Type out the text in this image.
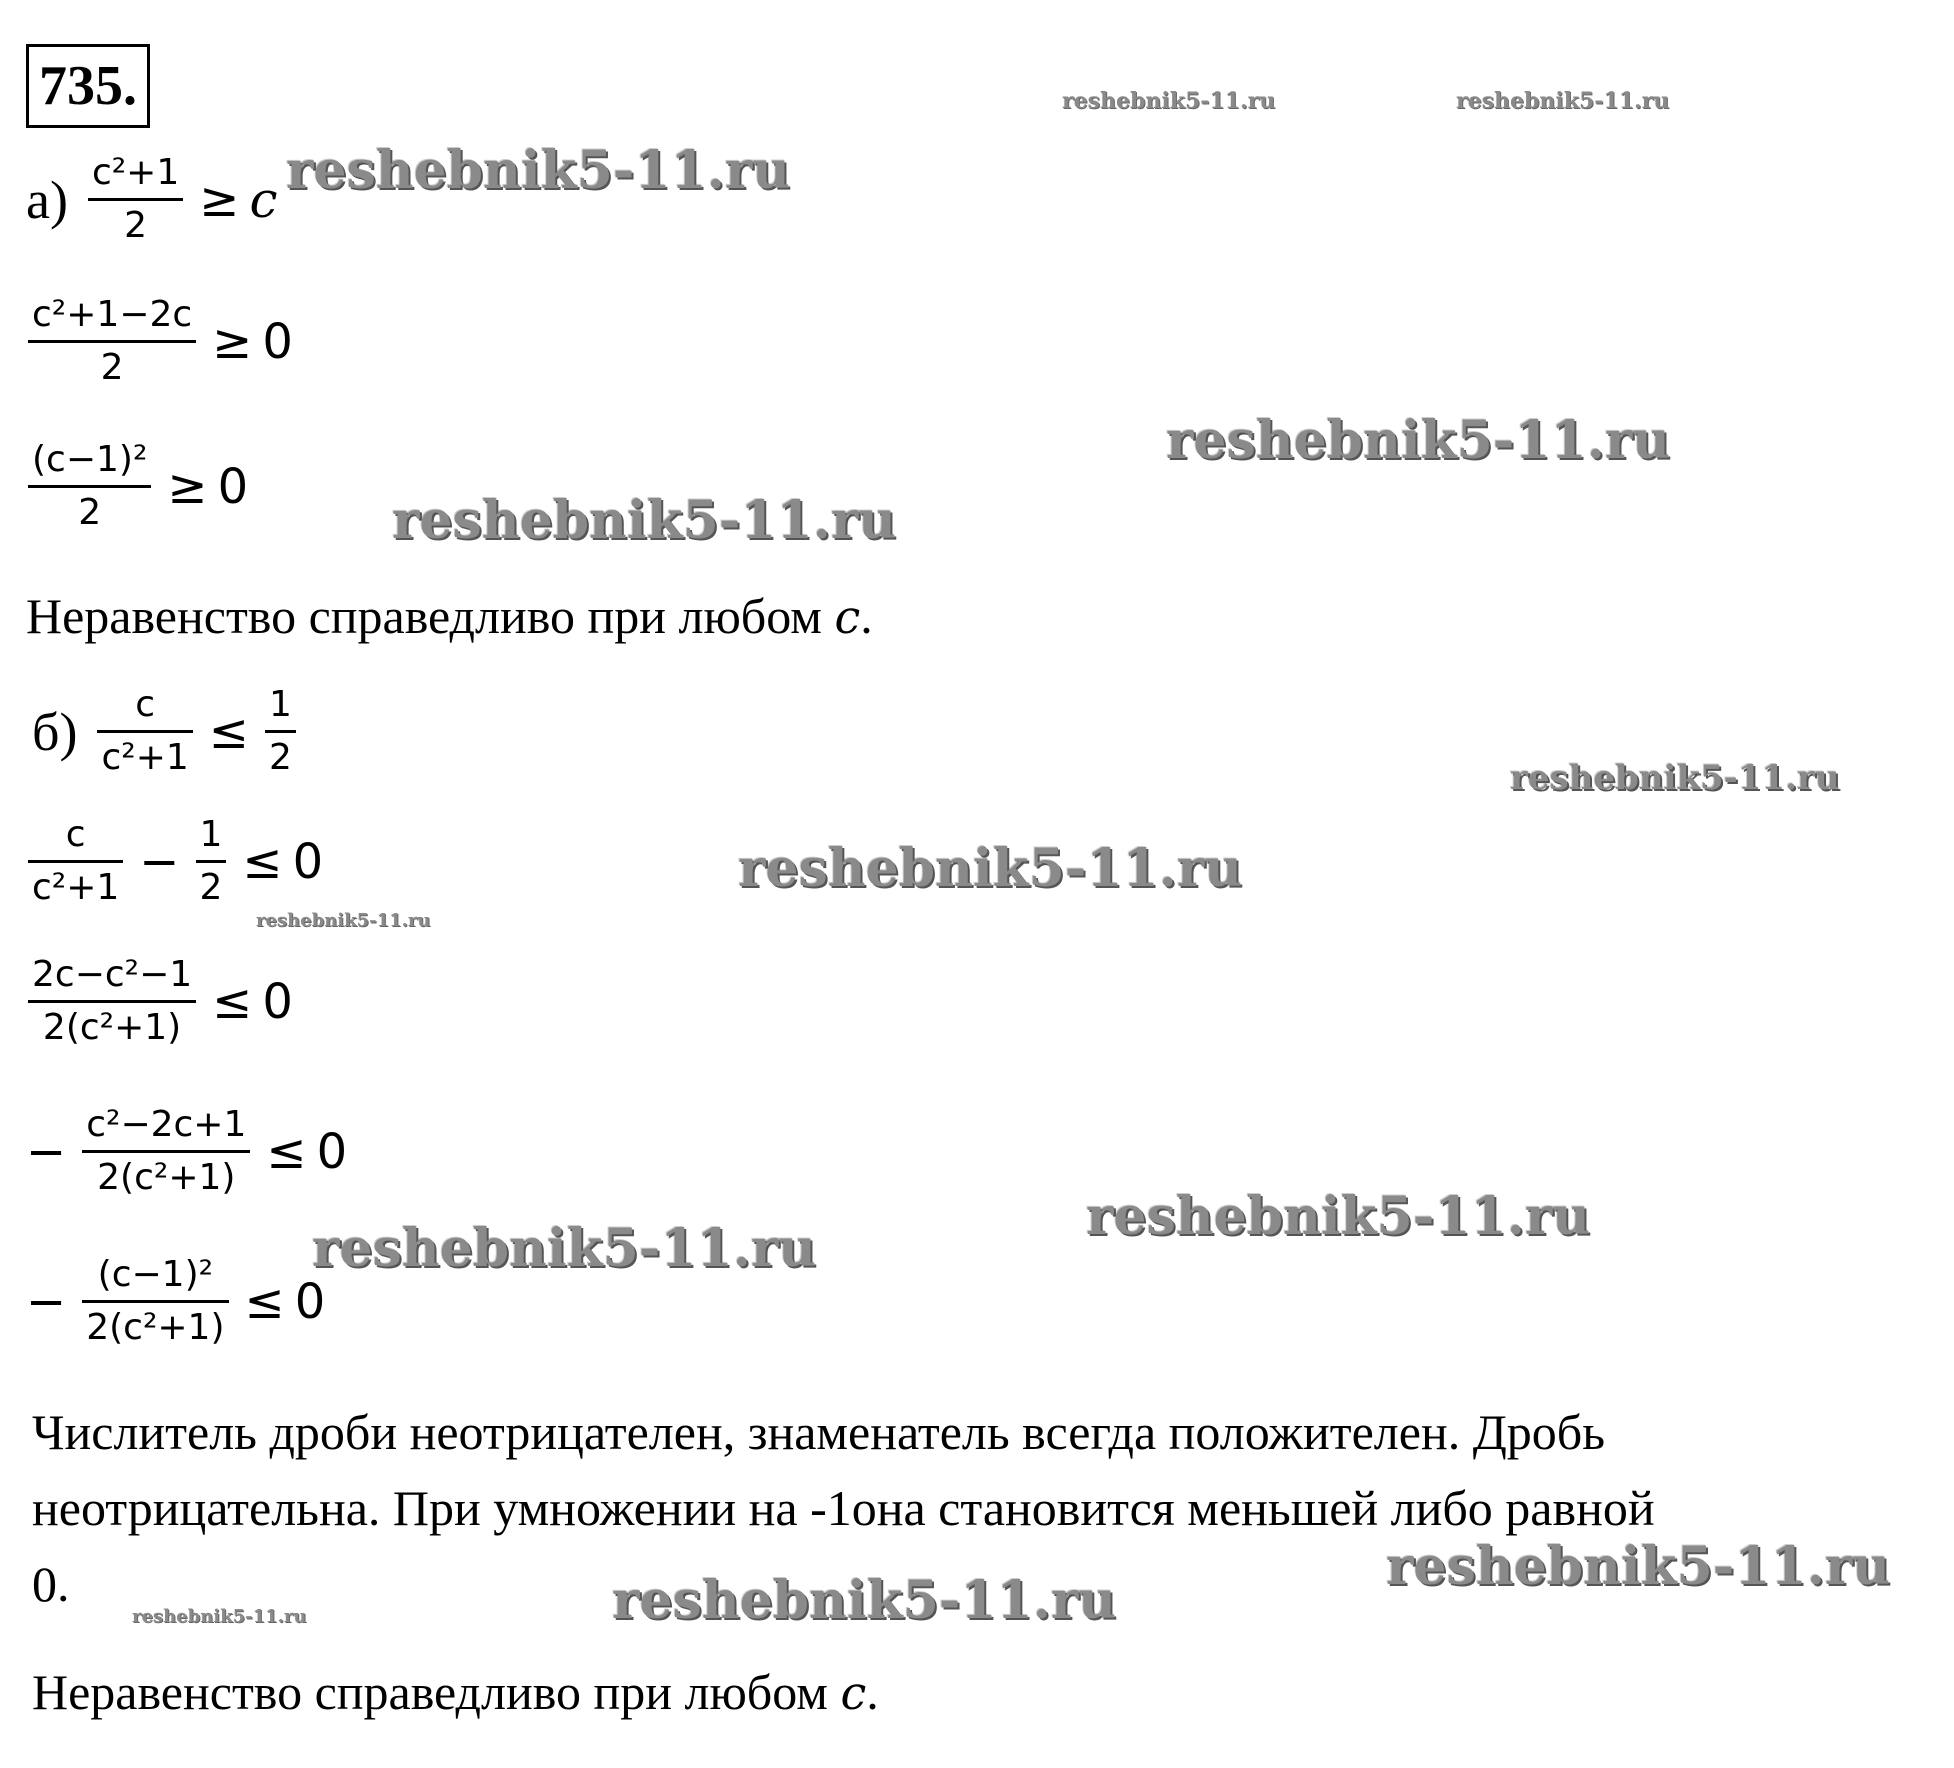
735.
$а) \frac{\text{c²+1}}{2} \ge c$
$\frac{\text{c²+1−2c}}{2} \ge 0$
$\frac{\text{(c−1)²}}{2} \ge 0$
Неравенство справедливо при любом c.
$б) \frac{c}{\text{c²+1}} \le \frac{1}{2}$
$\frac{c}{\text{c²+1}} - \frac{1}{2} \le 0$
$\frac{\text{2c−c²−1}}{\text{2(c²+1)}} \le 0$
− $\frac{\text{c²−2c+1}}{\text{2(c²+1)}} \le 0$
− $\frac{\text{(c−1)²}}{\text{2(c²+1)}} \le 0$
Числитель дроби неотрицателен, знаменатель всегда положителен. Дробь
неотрицательна. При умножении на -1она становится меньшей либо равной
0.
Неравенство справедливо при любом c.
reshebnik5-11.ru	reshebnik5-11.ru
reshebnik5-11.ru
reshebnik5-11.ru
reshebnik5-11.ru
reshebnik5-11.ru
reshebnik5-11.ru
reshebnik5-11.ru
reshebnik5-11.ru
reshebnik5-11.ru
reshebnik5-11.ru
reshebnik5-11.ru
reshebnik5-11.ru
